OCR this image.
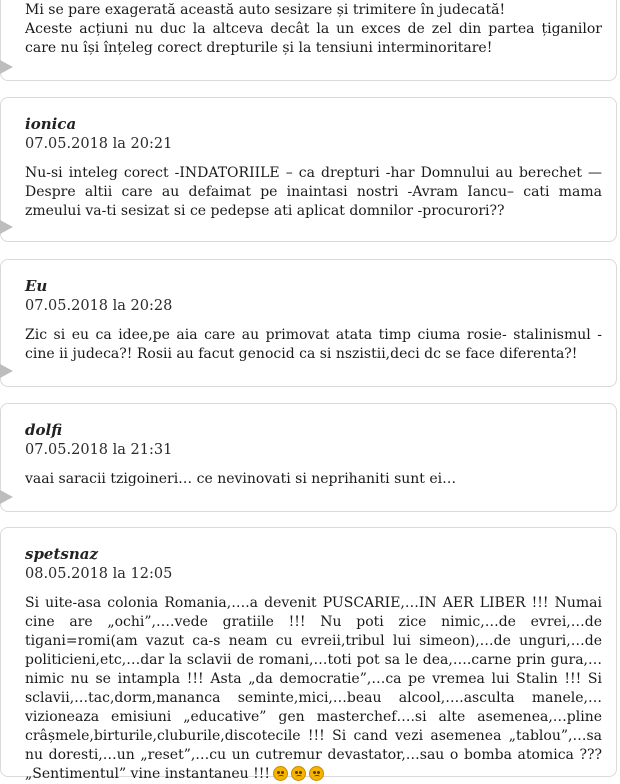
Mi se pare exagerată această auto sesizare și trimitere în judecată!

Aceste acțiuni nu duc la altceva decât la un exces de zel din partea țiganilor care nu își înțeleg corect drepturile și la tensiuni interminoritare!

ionica
07.05.2018 la 20:21

Nu-si inteleg corect -INDATORIILE – ca drepturi -har Domnului au berechet — Despre altii care au defaimat pe inaintasi nostri -Avram Iancu– cati mama zmeului va-ti sesizat si ce pedepse ati aplicat domnilor -procurori??

Eu
07.05.2018 la 20:28

Zic si eu ca idee,pe aia care au primovat atata timp ciuma rosie- stalinismul -cine ii judeca?! Rosii au facut genocid ca si nszistii,deci dc se face diferenta?!

dolfi
07.05.2018 la 21:31

vaai saracii tzigoineri… ce nevinovati si neprihaniti sunt ei…

spetsnaz
08.05.2018 la 12:05

Si uite-asa colonia Romania,….a devenit PUSCARIE,…IN AER LIBER !!! Numai cine are „ochi”,….vede gratiile !!! Nu poti zice nimic,…de evrei,…de tigani=romi(am vazut ca-s neam cu evreii,tribul lui simeon),…de unguri,…de politicieni,etc,…dar la sclavii de romani,…toti pot sa le dea,….carne prin gura,…nimic nu se intampla !!! Asta „da democratie”,…ca pe vremea lui Stalin !!! Si sclavii,…tac,dorm,mananca seminte,mici,…beau alcool,….asculta manele,…vizioneaza emisiuni „educative” gen masterchef….si alte asemenea,…pline crâșmele,birturile,cluburile,discotecile !!! Si cand vezi asemenea „tablou”,…sa nu doresti,…un „reset”,…cu un cutremur devastator,…sau o bomba atomica ??? „Sentimentul” vine instantaneu !!!
